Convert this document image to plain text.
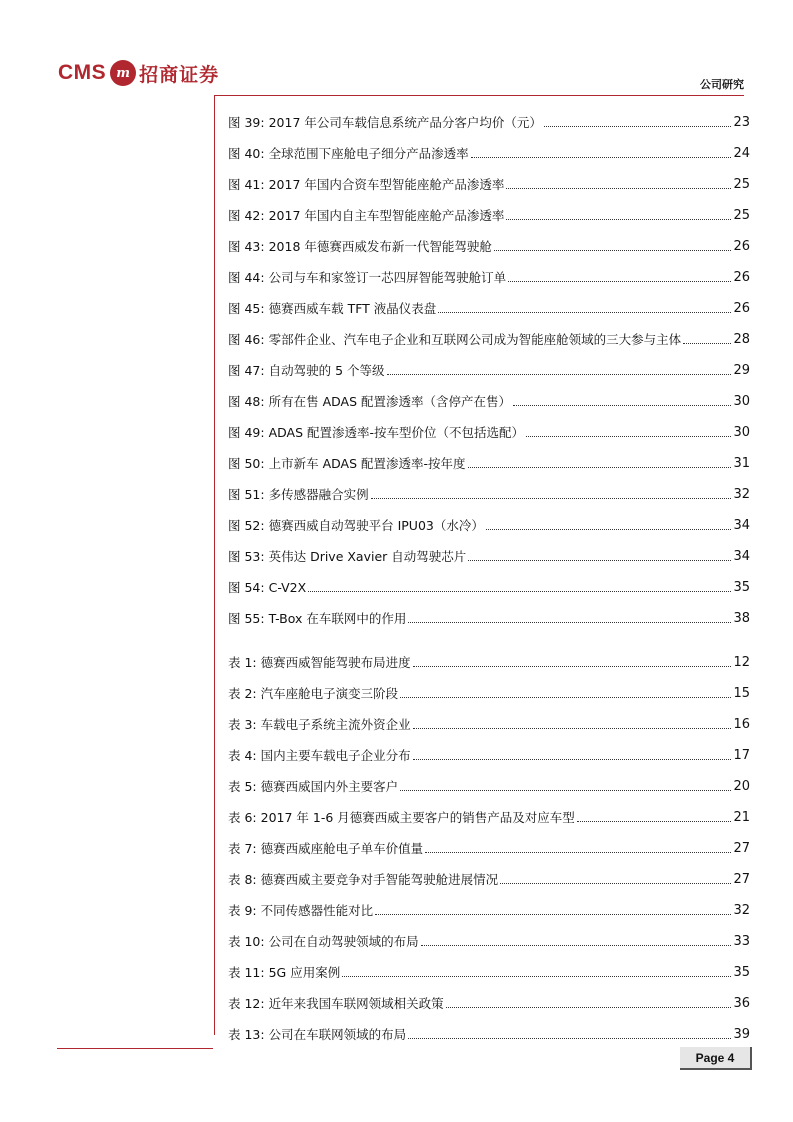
CMS m 招商证券	公司研究
图 39: 2017 年公司车载信息系统产品分客户均价（元）	23
图 40: 全球范围下座舱电子细分产品渗透率	24
图 41: 2017 年国内合资车型智能座舱产品渗透率	25
图 42: 2017 年国内自主车型智能座舱产品渗透率	25
图 43: 2018 年德赛西威发布新一代智能驾驶舱	26
图 44: 公司与车和家签订一芯四屏智能驾驶舱订单	26
图 45: 德赛西威车载 TFT 液晶仪表盘	26
图 46: 零部件企业、汽车电子企业和互联网公司成为智能座舱领域的三大参与主体	28
图 47: 自动驾驶的 5 个等级	29
图 48: 所有在售 ADAS 配置渗透率（含停产在售）	30
图 49: ADAS 配置渗透率-按车型价位（不包括选配）	30
图 50: 上市新车 ADAS 配置渗透率-按年度	31
图 51: 多传感器融合实例	32
图 52: 德赛西威自动驾驶平台 IPU03（水冷）	34
图 53: 英伟达 Drive Xavier 自动驾驶芯片	34
图 54: C-V2X	35
图 55: T-Box 在车联网中的作用	38
表 1: 德赛西威智能驾驶布局进度	12
表 2: 汽车座舱电子演变三阶段	15
表 3: 车载电子系统主流外资企业	16
表 4: 国内主要车载电子企业分布	17
表 5: 德赛西威国内外主要客户	20
表 6: 2017 年 1-6 月德赛西威主要客户的销售产品及对应车型	21
表 7: 德赛西威座舱电子单车价值量	27
表 8: 德赛西威主要竞争对手智能驾驶舱进展情况	27
表 9: 不同传感器性能对比	32
表 10: 公司在自动驾驶领域的布局	33
表 11: 5G 应用案例	35
表 12: 近年来我国车联网领域相关政策	36
表 13: 公司在车联网领域的布局	39
Page 4
